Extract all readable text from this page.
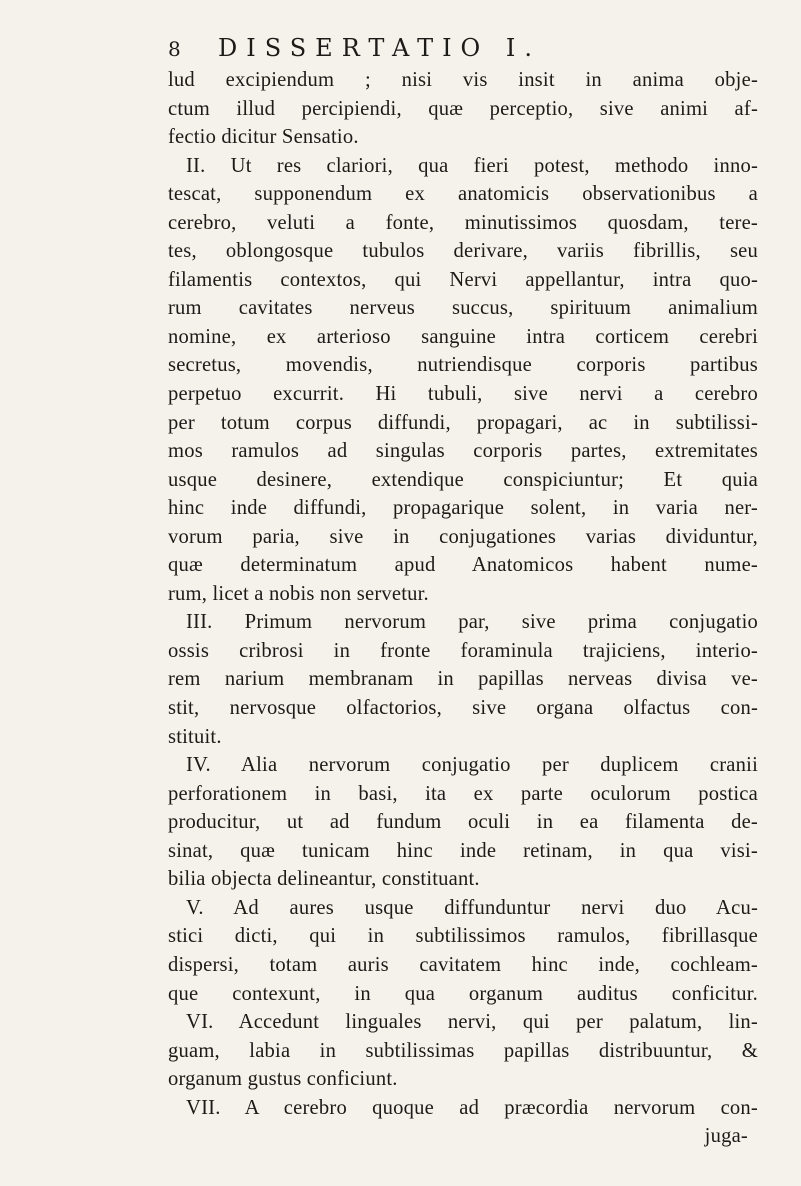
8	DISSERTATIO I.
lud excipiendum ; nisi vis insit in anima obje-
ctum illud percipiendi, quæ perceptio, sive animi af-
fectio dicitur Sensatio.
II. Ut res clariori, qua fieri potest, methodo inno-
tescat, supponendum ex anatomicis observationibus a
cerebro, veluti a fonte, minutissimos quosdam, tere-
tes, oblongosque tubulos derivare, variis fibrillis, seu
filamentis contextos, qui Nervi appellantur, intra quo-
rum cavitates nerveus succus, spirituum animalium
nomine, ex arterioso sanguine intra corticem cerebri
secretus, movendis, nutriendisque corporis partibus
perpetuo excurrit. Hi tubuli, sive nervi a cerebro
per totum corpus diffundi, propagari, ac in subtilissi-
mos ramulos ad singulas corporis partes, extremitates
usque desinere, extendique conspiciuntur; Et quia
hinc inde diffundi, propagarique solent, in varia ner-
vorum paria, sive in conjugationes varias dividuntur,
quæ determinatum apud Anatomicos habent nume-
rum, licet a nobis non servetur.
III. Primum nervorum par, sive prima conjugatio
ossis cribrosi in fronte foraminula trajiciens, interio-
rem narium membranam in papillas nerveas divisa ve-
stit, nervosque olfactorios, sive organa olfactus con-
stituit.
IV. Alia nervorum conjugatio per duplicem cranii
perforationem in basi, ita ex parte oculorum postica
producitur, ut ad fundum oculi in ea filamenta de-
sinat, quæ tunicam hinc inde retinam, in qua visi-
bilia objecta delineantur, constituant.
V. Ad aures usque diffunduntur nervi duo Acu-
stici dicti, qui in subtilissimos ramulos, fibrillasque
dispersi, totam auris cavitatem hinc inde, cochleam-
que contexunt, in qua organum auditus conficitur.
VI. Accedunt linguales nervi, qui per palatum, lin-
guam, labia in subtilissimas papillas distribuuntur, &
organum gustus conficiunt.
VII. A cerebro quoque ad præcordia nervorum con-
juga-
